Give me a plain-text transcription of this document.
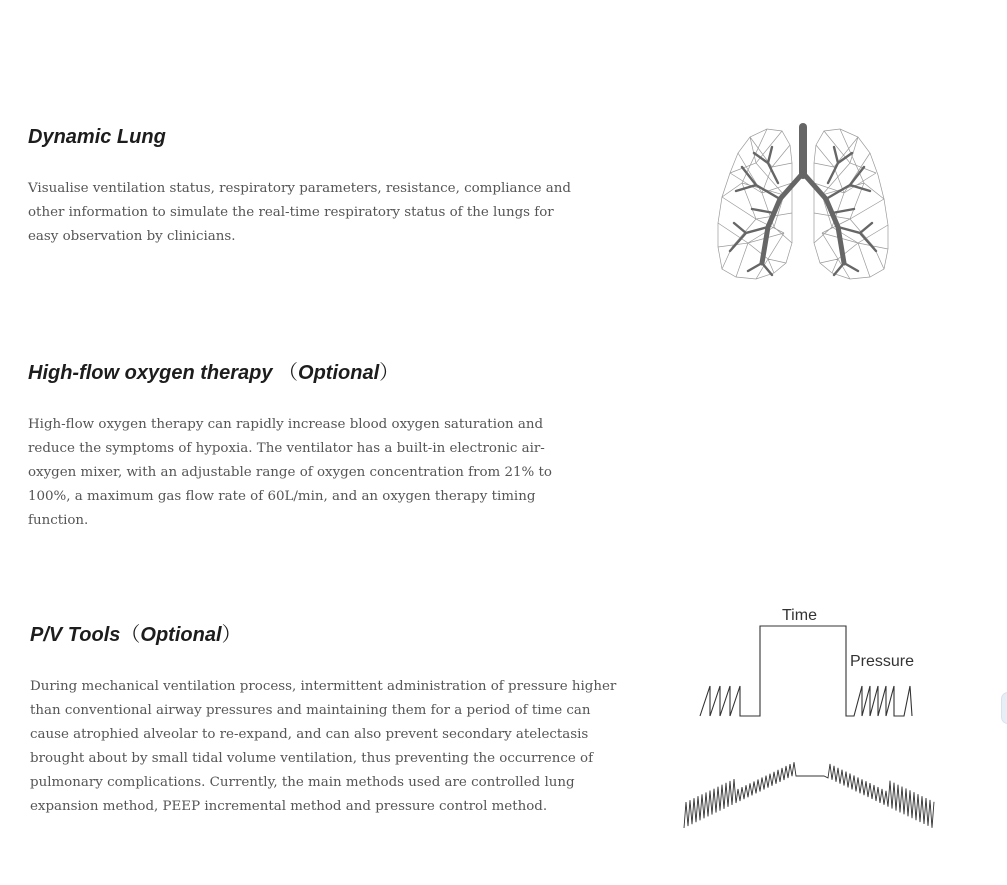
Dynamic Lung

Visualise ventilation status, respiratory parameters, resistance, compliance and other information to simulate the real-time respiratory status of the lungs for easy observation by clinicians.

High-flow oxygen therapy （Optional）

High-flow oxygen therapy can rapidly increase blood oxygen saturation and reduce the symptoms of hypoxia. The ventilator has a built-in electronic air-oxygen mixer, with an adjustable range of oxygen concentration from 21% to 100%, a maximum gas flow rate of 60L/min, and an oxygen therapy timing function.

P/V Tools（Optional）

During mechanical ventilation process, intermittent administration of pressure higher than conventional airway pressures and maintaining them for a period of time can cause atrophied alveolar to re-expand, and can also prevent secondary atelectasis brought about by small tidal volume ventilation, thus preventing the occurrence of pulmonary complications. Currently, the main methods used are controlled lung expansion method, PEEP incremental method and pressure control method.

Time
Pressure
